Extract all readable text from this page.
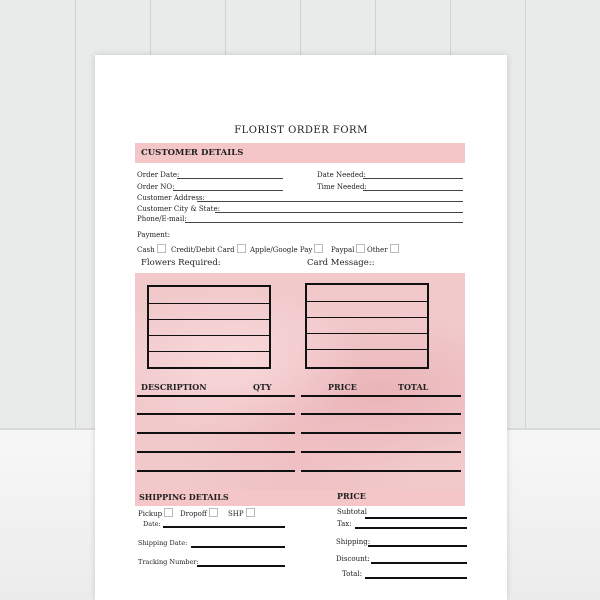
FLORIST ORDER FORM
CUSTOMER DETAILS
Order Date:	Date Needed:
Order NO:	Time Needed:
Customer Address:
Customer City & State:
Phone/E-mail:
Payment:
Cash	Credit/Debit Card	Apple/Google Pay	Paypal	Other
Flowers Required:	Card Message::
DESCRIPTION	QTY	PRICE	TOTAL
SHIPPING DETAILS	PRICE
Pickup	Dropoff	SHP
Date:
Shipping Date:
Tracking Number:
Subtotal
Tax:
Shipping:
Discount:
Total:
